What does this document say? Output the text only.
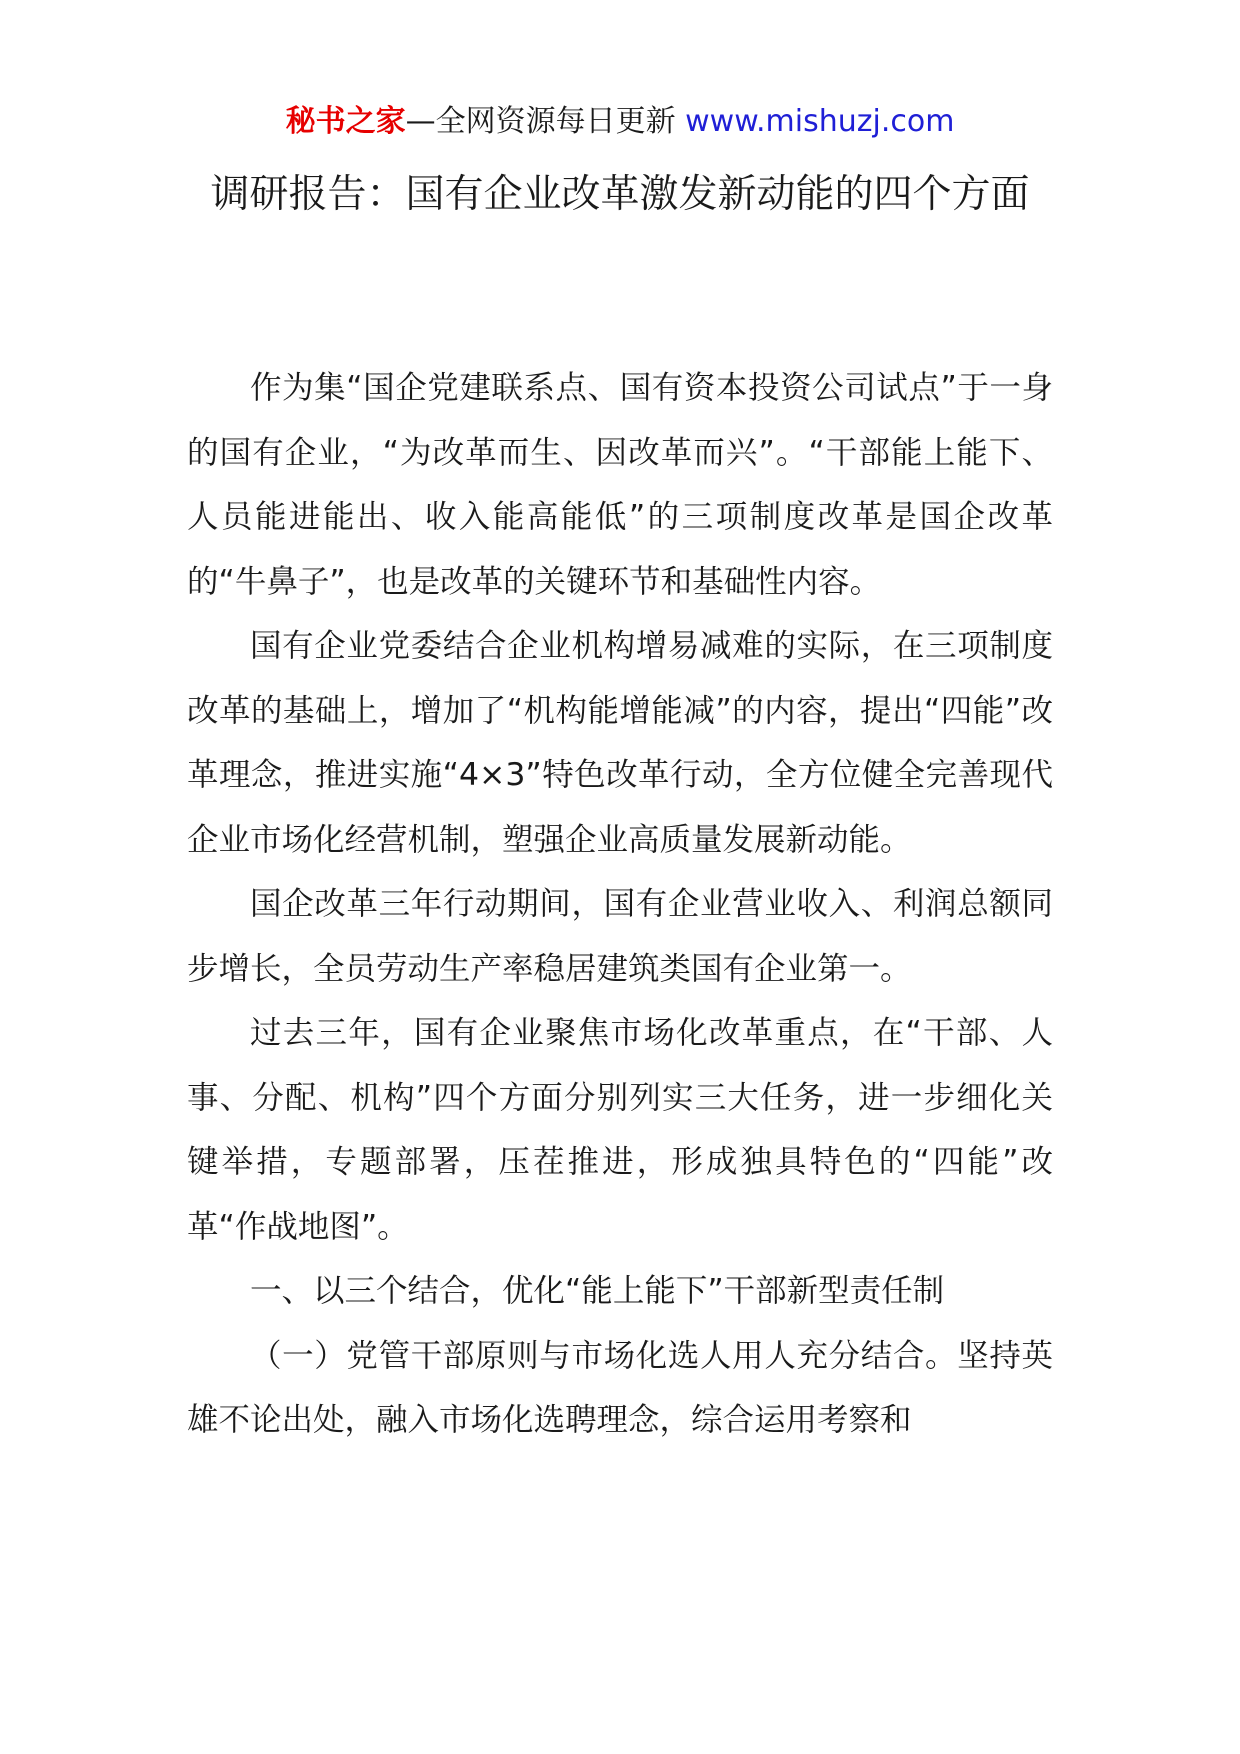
秘书之家—全网资源每日更新 www.mishuzj.com
调研报告：国有企业改革激发新动能的四个方面

作为集“国企党建联系点、国有资本投资公司试点”于一身的国有企业，“为改革而生、因改革而兴”。“干部能上能下、人员能进能出、收入能高能低”的三项制度改革是国企改革的“牛鼻子”，也是改革的关键环节和基础性内容。

国有企业党委结合企业机构增易减难的实际，在三项制度改革的基础上，增加了“机构能增能减”的内容，提出“四能”改革理念，推进实施“4×3”特色改革行动，全方位健全完善现代企业市场化经营机制，塑强企业高质量发展新动能。

国企改革三年行动期间，国有企业营业收入、利润总额同步增长，全员劳动生产率稳居建筑类国有企业第一。

过去三年，国有企业聚焦市场化改革重点，在“干部、人事、分配、机构”四个方面分别列实三大任务，进一步细化关键举措，专题部署，压茬推进，形成独具特色的“四能”改革“作战地图”。

一、以三个结合，优化“能上能下”干部新型责任制

（一）党管干部原则与市场化选人用人充分结合。坚持英雄不论出处，融入市场化选聘理念，综合运用考察和
